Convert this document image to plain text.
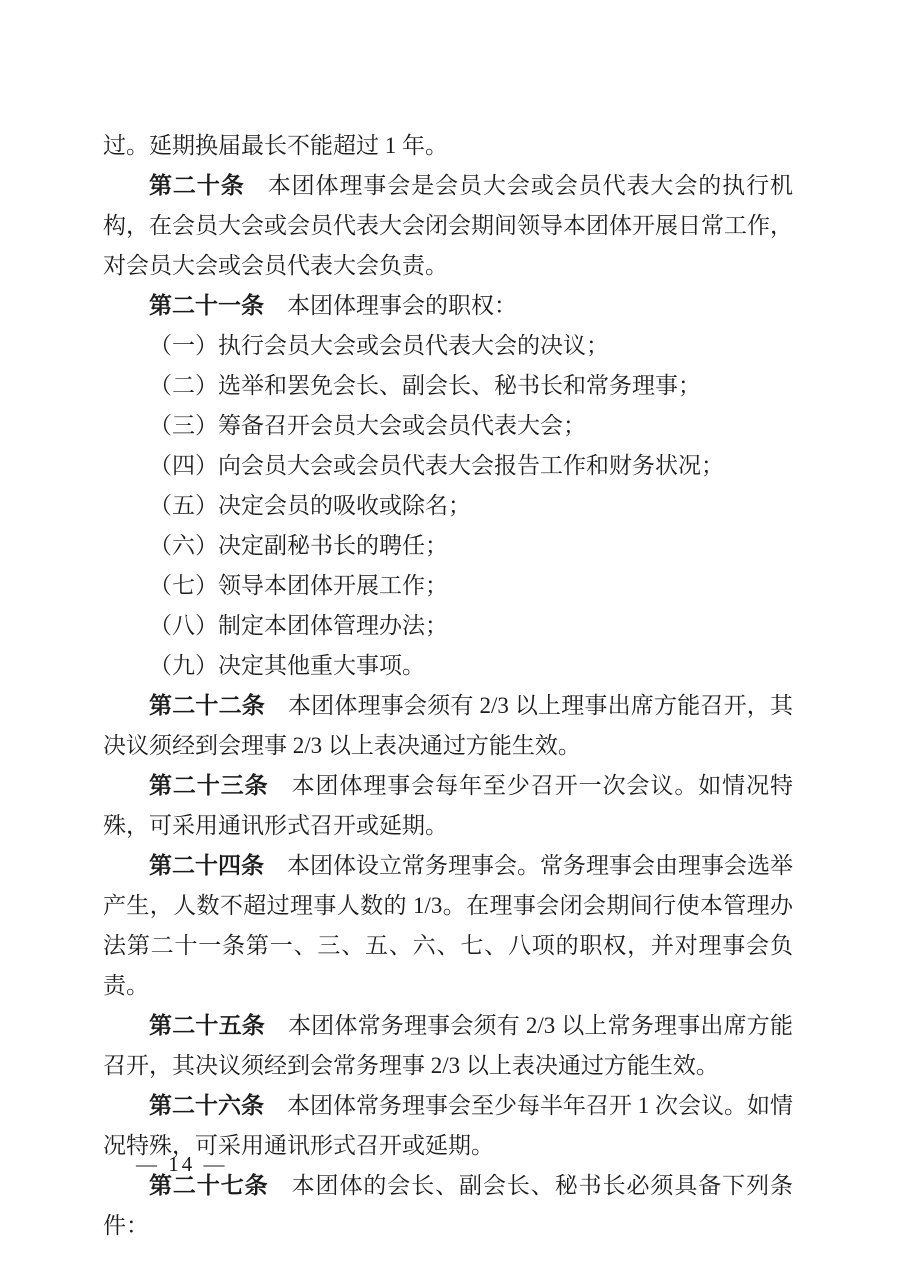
过。延期换届最长不能超过 1 年。

第二十条 本团体理事会是会员大会或会员代表大会的执行机构，在会员大会或会员代表大会闭会期间领导本团体开展日常工作，对会员大会或会员代表大会负责。

第二十一条 本团体理事会的职权：

（一）执行会员大会或会员代表大会的决议；

（二）选举和罢免会长、副会长、秘书长和常务理事；

（三）筹备召开会员大会或会员代表大会；

（四）向会员大会或会员代表大会报告工作和财务状况；

（五）决定会员的吸收或除名；

（六）决定副秘书长的聘任；

（七）领导本团体开展工作；

（八）制定本团体管理办法；

（九）决定其他重大事项。

第二十二条 本团体理事会须有 2/3 以上理事出席方能召开，其决议须经到会理事 2/3 以上表决通过方能生效。

第二十三条 本团体理事会每年至少召开一次会议。如情况特殊，可采用通讯形式召开或延期。

第二十四条 本团体设立常务理事会。常务理事会由理事会选举产生，人数不超过理事人数的 1/3。在理事会闭会期间行使本管理办法第二十一条第一、三、五、六、七、八项的职权，并对理事会负责。

第二十五条 本团体常务理事会须有 2/3 以上常务理事出席方能召开，其决议须经到会常务理事 2/3 以上表决通过方能生效。

第二十六条 本团体常务理事会至少每半年召开 1 次会议。如情况特殊，可采用通讯形式召开或延期。

第二十七条 本团体的会长、副会长、秘书长必须具备下列条件：

— 14 —
